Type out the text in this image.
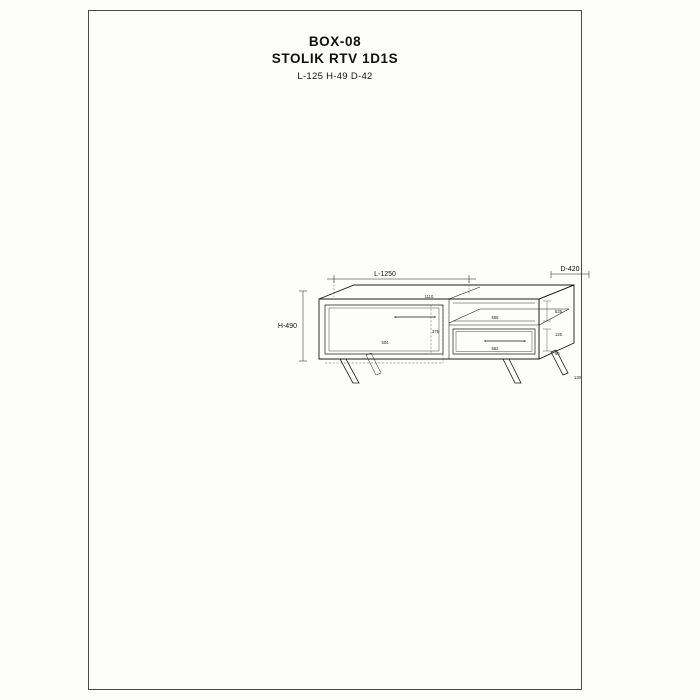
BOX-08
STOLIK RTV 1D1S
L-125 H-49 D-42
L-1250
D-420
H-490
1110
525
125
85
504
566
562
375
130
